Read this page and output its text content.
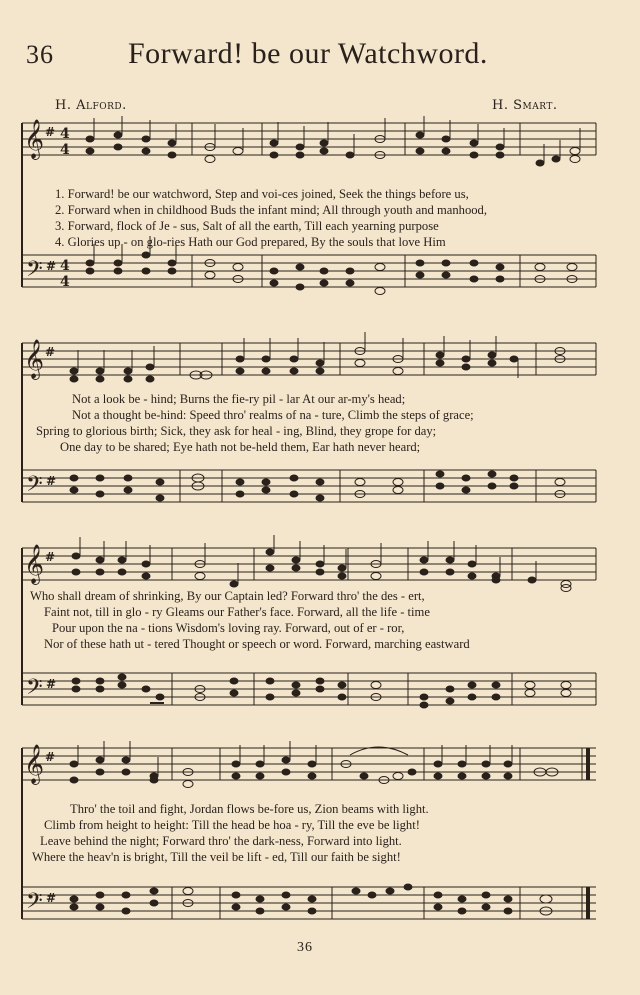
36 Forward! be our Watchword.
H. Alford.	H. Smart.
𝄞 # 4
4
𝄢 # 4
4
1. Forward! be our watchword, Step and voi-ces joined, Seek the things before us,
2. Forward when in childhood Buds the infant mind; All through youth and manhood,
3. Forward, flock of Je - sus, Salt of all the earth, Till each yearning purpose
4. Glories up - on glo-ries Hath our God prepared, By the souls that love Him
𝄞 #
𝄢 #
Not a look be - hind; Burns the fie-ry pil - lar At our ar-my's head;
Not a thought be-hind: Speed thro' realms of na - ture, Climb the steps of grace;
Spring to glorious birth; Sick, they ask for heal - ing, Blind, they grope for day;
One day to be shared; Eye hath not be-held them, Ear hath never heard;
𝄞 #
𝄢 #
Who shall dream of shrinking, By our Captain led? Forward thro' the des - ert,
Faint not, till in glo - ry Gleams our Father's face. Forward, all the life - time
Pour upon the na - tions Wisdom's loving ray. Forward, out of er - ror,
Nor of these hath ut - tered Thought or speech or word. Forward, marching eastward
𝄞 #
𝄢 #
Thro' the toil and fight, Jordan flows be-fore us, Zion beams with light.
Climb from height to height: Till the head be hoa - ry, Till the eve be light!
Leave behind the night; Forward thro' the dark-ness, Forward into light.
Where the heav'n is bright, Till the veil be lift - ed, Till our faith be sight!
36
